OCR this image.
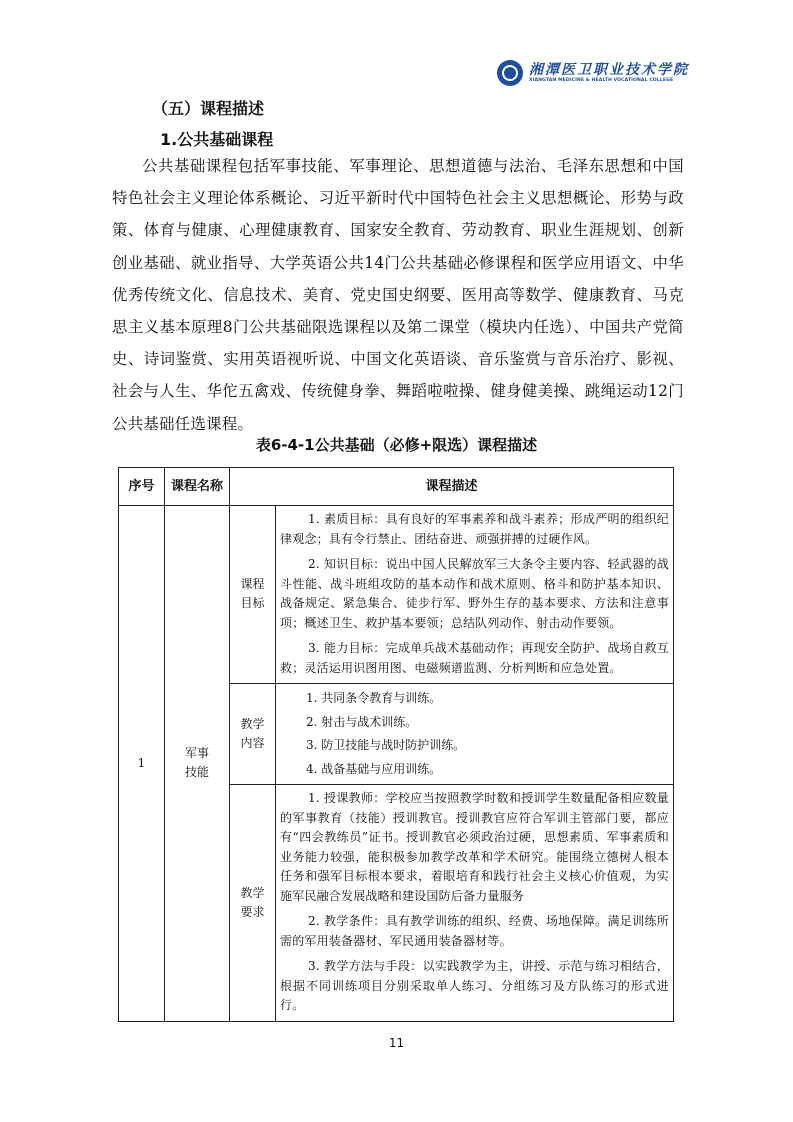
湘潭医卫职业技术学院
XIANGTAN MEDICINE & HEALTH VOCATIONAL COLLEGE
（五）课程描述
1.公共基础课程
公共基础课程包括军事技能、军事理论、思想道德与法治、毛泽东思想和中国特色社会主义理论体系概论、习近平新时代中国特色社会主义思想概论、形势与政策、体育与健康、心理健康教育、国家安全教育、劳动教育、职业生涯规划、创新创业基础、就业指导、大学英语公共14门公共基础必修课程和医学应用语文、中华优秀传统文化、信息技术、美育、党史国史纲要、医用高等数学、健康教育、马克思主义基本原理8门公共基础限选课程以及第二课堂（模块内任选）、中国共产党简史、诗词鉴赏、实用英语视听说、中国文化英语谈、音乐鉴赏与音乐治疗、影视、社会与人生、华佗五禽戏、传统健身拳、舞蹈啦啦操、健身健美操、跳绳运动12门公共基础任选课程。
表6-4-1公共基础（必修+限选）课程描述
序号	课程名称	课程描述	
1	军事技能	课程目标	1. 素质目标：具有良好的军事素养和战斗素养；形成严明的组织纪律观念；具有令行禁止、团结奋进、顽强拼搏的过硬作风。
2. 知识目标：说出中国人民解放军三大条令主要内容、轻武器的战斗性能、战斗班组攻防的基本动作和战术原则、格斗和防护基本知识、战备规定、紧急集合、徒步行军、野外生存的基本要求、方法和注意事项；概述卫生、救护基本要领；总结队列动作、射击动作要领。
3. 能力目标：完成单兵战术基础动作；再现安全防护、战场自救互救；灵活运用识图用图、电磁频谱监测、分析判断和应急处置。

		教学内容	1. 共同条令教育与训练。
2. 射击与战术训练。
3. 防卫技能与战时防护训练。
4. 战备基础与应用训练。

		教学要求	1. 授课教师：学校应当按照教学时数和授训学生数量配备相应数量的军事教育（技能）授训教官。授训教官应符合军训主管部门要，都应有“四会教练员”证书。授训教官必须政治过硬，思想素质、军事素质和业务能力较强，能积极参加教学改革和学术研究。能围绕立德树人根本任务和强军目标根本要求，着眼培育和践行社会主义核心价值观，为实施军民融合发展战略和建设国防后备力量服务
2. 教学条件：具有教学训练的组织、经费、场地保障。满足训练所需的军用装备器材、军民通用装备器材等。
3. 教学方法与手段：以实践教学为主，讲授、示范与练习相结合，根据不同训练项目分别采取单人练习、分组练习及方队练习的形式进行。
11
